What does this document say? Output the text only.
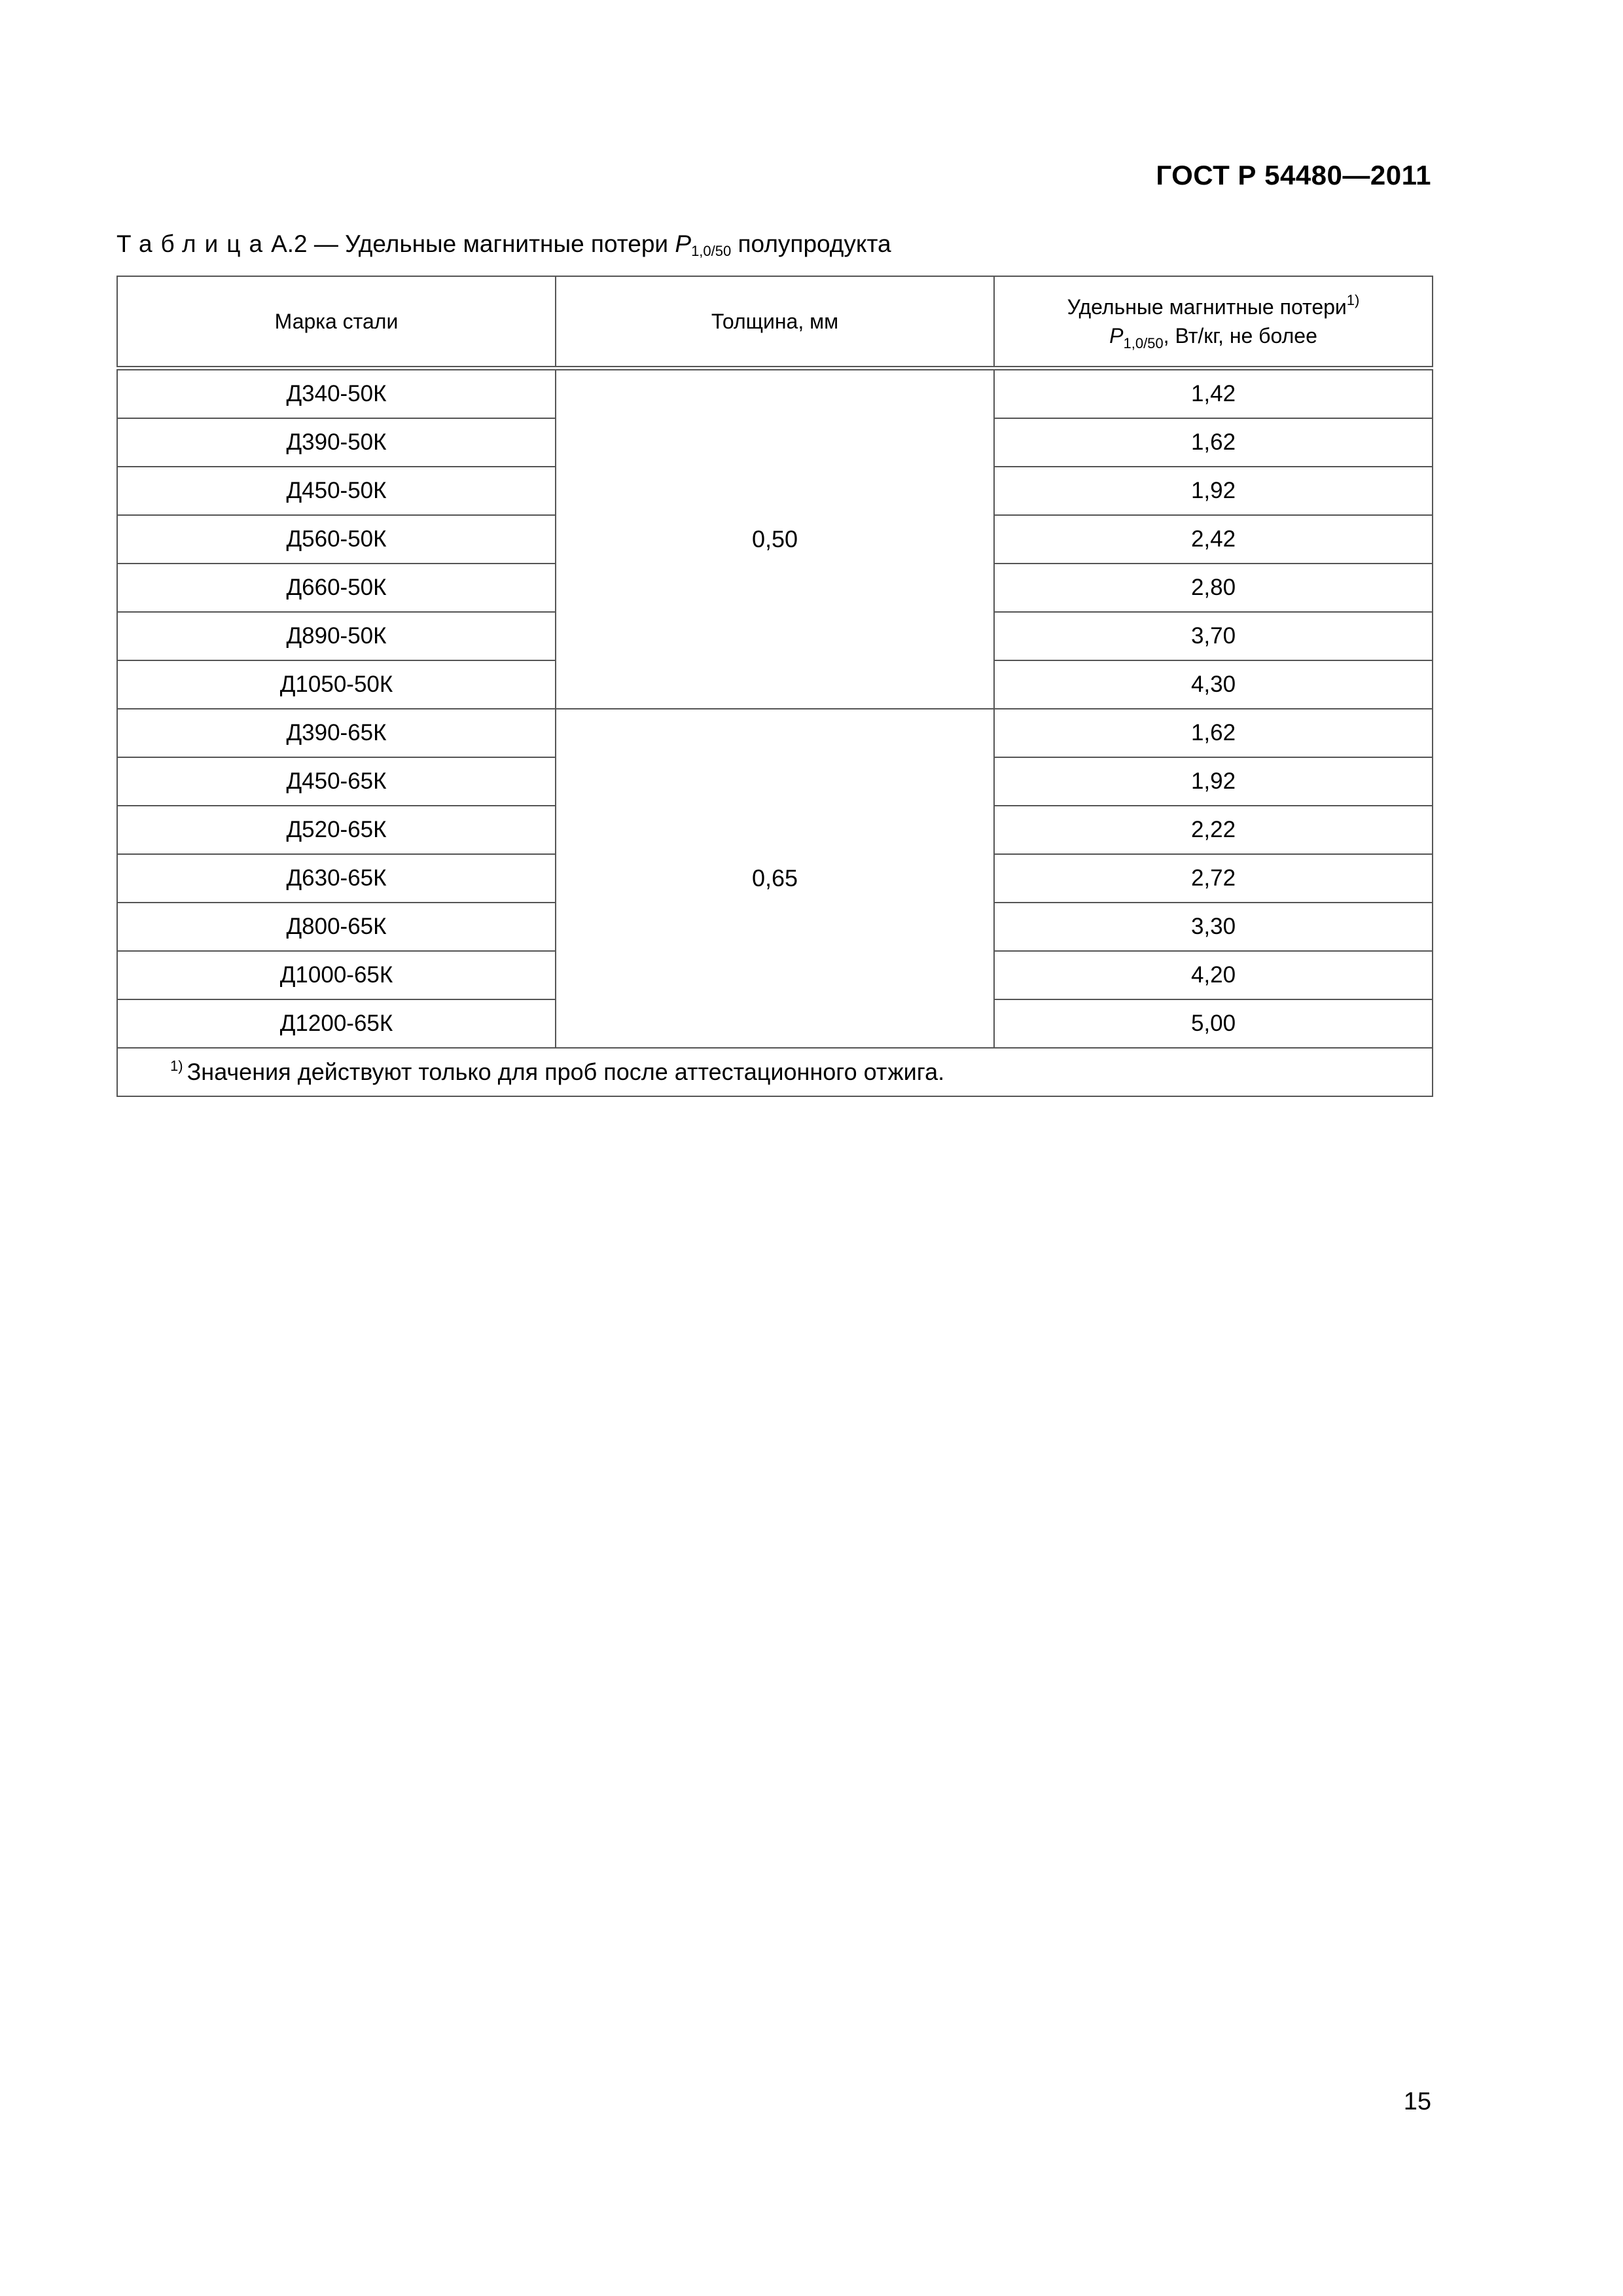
ГОСТ Р 54480—2011
ТаблицаА.2 — Удельные магнитные потери $P_{1,0/50}$ полупродукта
Марка стали	Толщина, мм	Удельные магнитные потери$^{1)}$
$P_{1,0/50}$, Вт/кг, не более
Д340-50К	0,50	1,42
Д390-50К		1,62
Д450-50К		1,92
Д560-50К		2,42
Д660-50К		2,80
Д890-50К		3,70
Д1050-50К		4,30
Д390-65К	0,65	1,62
Д450-65К		1,92
Д520-65К		2,22
Д630-65К		2,72
Д800-65К		3,30
Д1000-65К		4,20
Д1200-65К		5,00
$^{1)}$ Значения действуют только для проб после аттестационного отжига.		
15
